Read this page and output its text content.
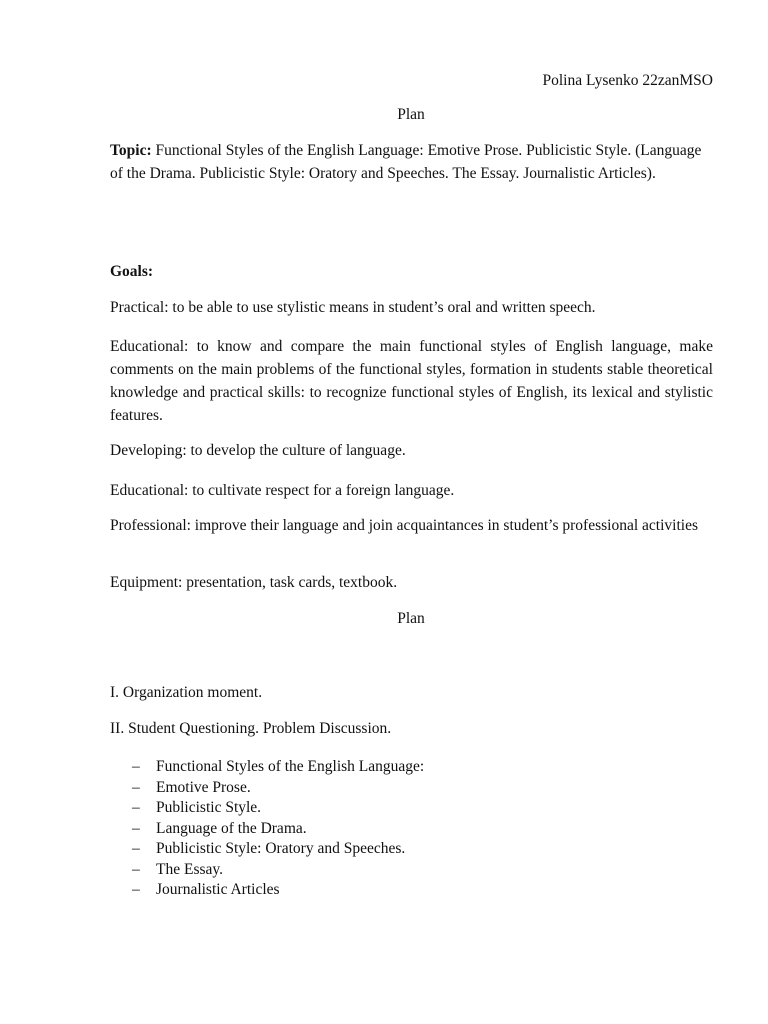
Polina Lysenko 22zanMSO
Plan
Topic: Functional Styles of the English Language: Emotive Prose. Publicistic Style. (Language of the Drama. Publicistic Style: Oratory and Speeches. The Essay. Journalistic Articles).
Goals:
Practical: to be able to use stylistic means in student’s oral and written speech.
Educational: to know and compare the main functional styles of English language, make comments on the main problems of the functional styles, formation in students stable theoretical knowledge and practical skills: to recognize functional styles of English, its lexical and stylistic features.
Developing: to develop the culture of language.
Educational: to cultivate respect for a foreign language.
Professional: improve their language and join acquaintances in student’s professional activities
Equipment: presentation, task cards, textbook.
Plan
I. Organization moment.
II. Student Questioning. Problem Discussion.
– Functional Styles of the English Language:
– Emotive Prose.
– Publicistic Style.
– Language of the Drama.
– Publicistic Style: Oratory and Speeches.
– The Essay.
– Journalistic Articles
